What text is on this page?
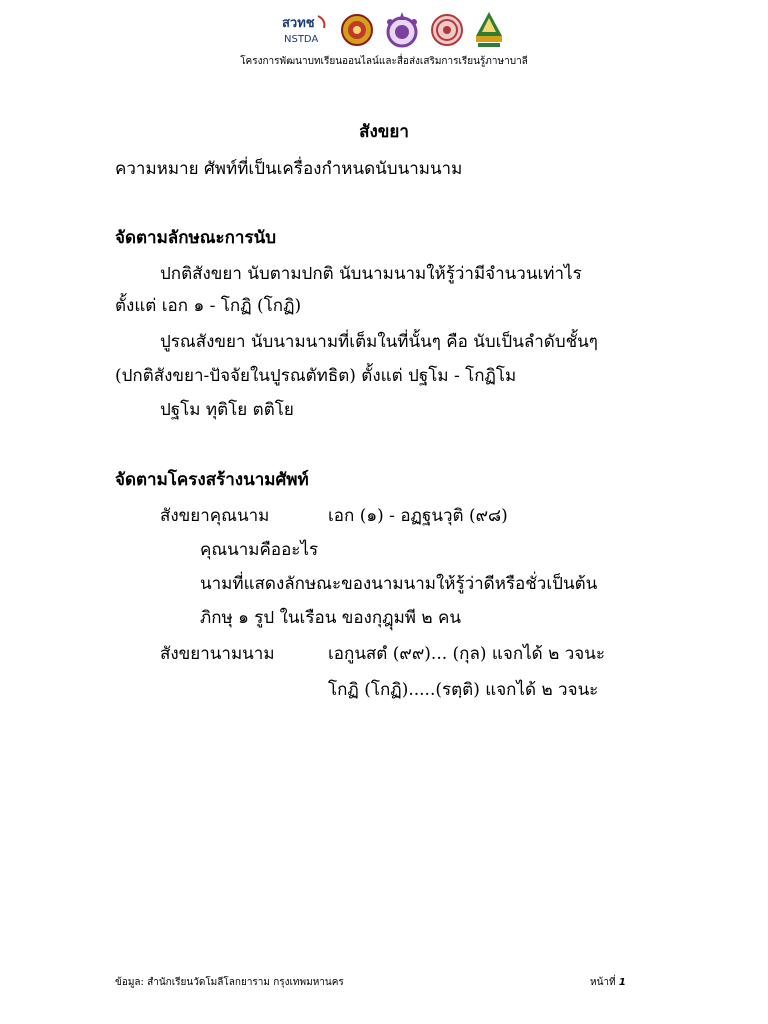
สวทช
NSTDA
โครงการพัฒนาบทเรียนออนไลน์และสื่อส่งเสริมการเรียนรู้ภาษาบาลี
สังขยา
ความหมาย ศัพท์ที่เป็นเครื่องกำหนดนับนามนาม
จัดตามลักษณะการนับ
ปกติสังขยา นับตามปกติ นับนามนามให้รู้ว่ามีจำนวนเท่าไร
ตั้งแต่ เอก ๑ - โกฏิ (โกฏิ)
ปูรณสังขยา นับนามนามที่เต็มในที่นั้นๆ คือ นับเป็นลำดับชั้นๆ
(ปกติสังขยา-ปัจจัยในปูรณตัทธิต) ตั้งแต่ ปฐโม - โกฏิโม
ปฐโม ทุติโย ตติโย
จัดตามโครงสร้างนามศัพท์
สังขยาคุณนาม	เอก (๑) - อฏฐนวุติ (๙๘)
คุณนามคืออะไร
นามที่แสดงลักษณะของนามนามให้รู้ว่าดีหรือชั่วเป็นต้น
ภิกษุ ๑ รูป ในเรือน ของกุฎุมพี ๒ คน
สังขยานามนาม	เอกูนสตํ (๙๙)... (กุล) แจกได้ ๒ วจนะ
โกฏิ (โกฏิ).....(รตฺติ) แจกได้ ๒ วจนะ
ข้อมูล: สำนักเรียนวัดโมลีโลกยาราม กรุงเทพมหานคร	หน้าที่ 1
